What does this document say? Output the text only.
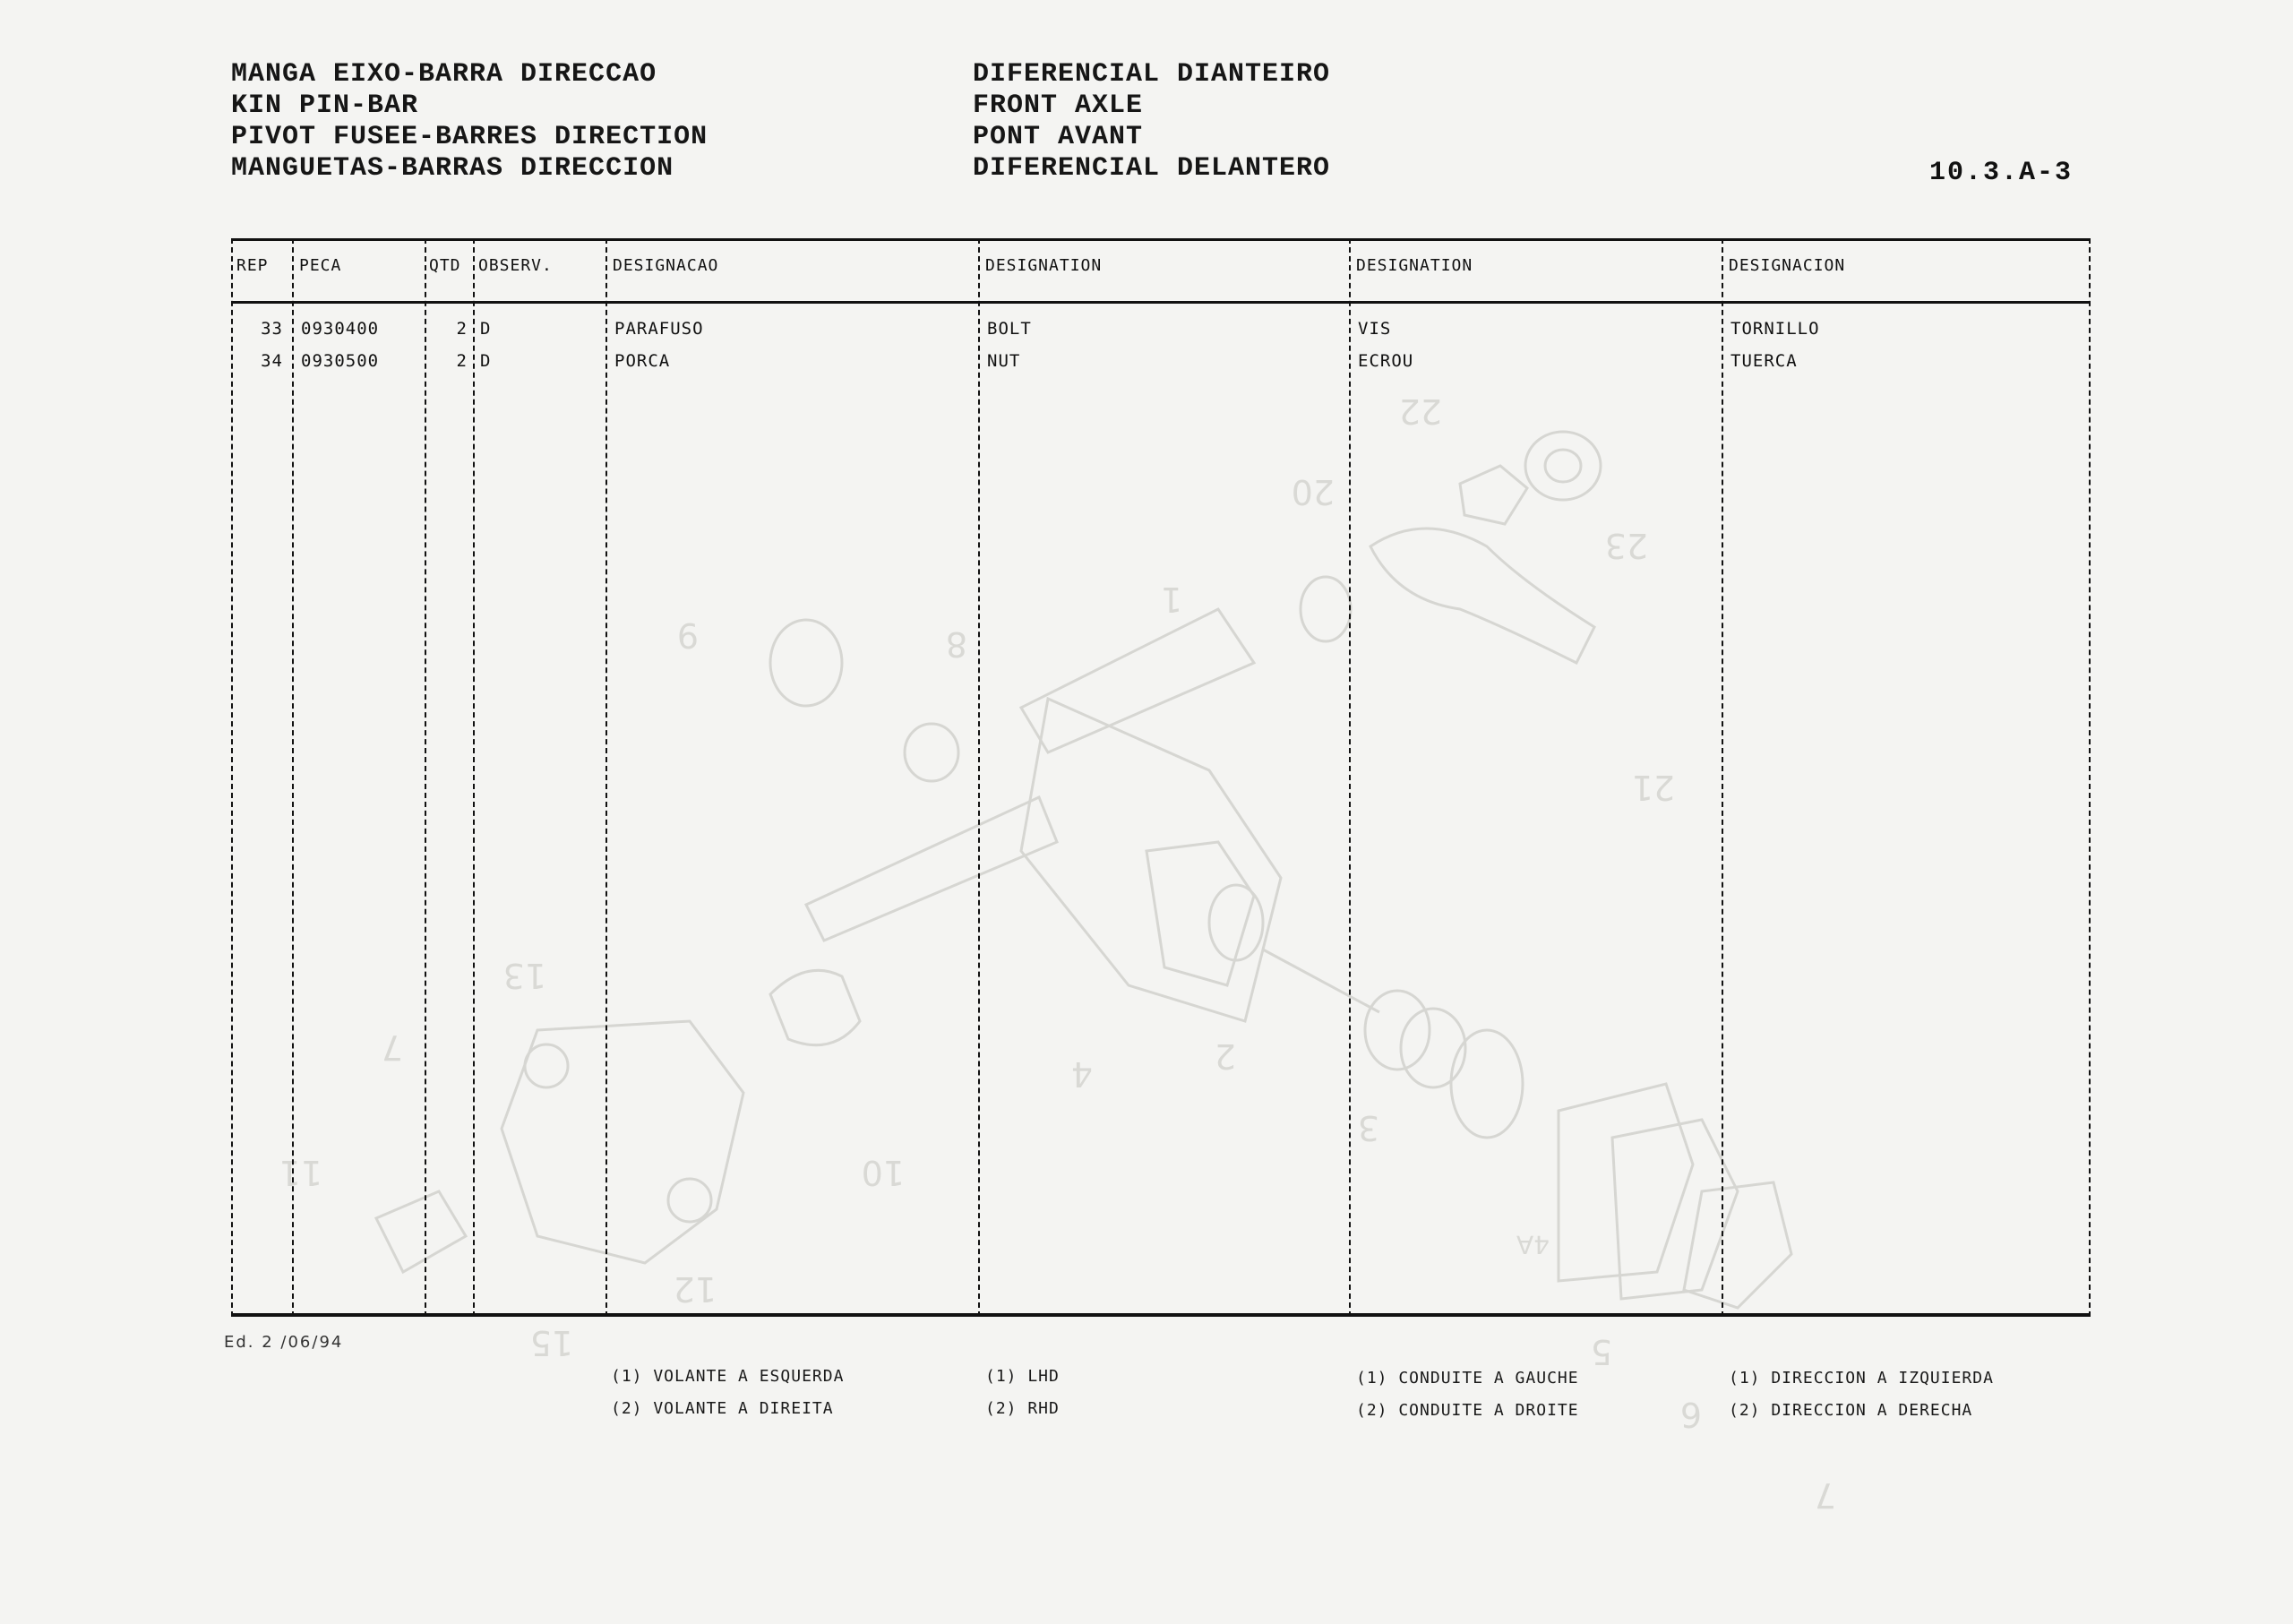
MANGA EIXO-BARRA DIRECCAO
KIN PIN-BAR
PIVOT FUSEE-BARRES DIRECTION
MANGUETAS-BARRAS DIRECCION
DIFERENCIAL DIANTEIRO
FRONT AXLE
PONT AVANT
DIFERENCIAL DELANTERO	10.3.A-3
22
23
20
21
9	8
1
4	2
3
10
13
7
11
15
12
6
5
4A
7
REP PECA	QTD OBSERV.	DESIGNACAO	DESIGNATION	DESIGNATION	DESIGNACION
33 0930400	2 D	PARAFUSO	BOLT	VIS	TORNILLO
34 0930500	2 D	PORCA	NUT	ECROU	TUERCA
Ed. 2 /06/94
(1) VOLANTE A ESQUERDA
(2) VOLANTE A DIREITA
(1) LHD
(2) RHD
(1) CONDUITE A GAUCHE
(2) CONDUITE A DROITE
(1) DIRECCION A IZQUIERDA
(2) DIRECCION A DERECHA
